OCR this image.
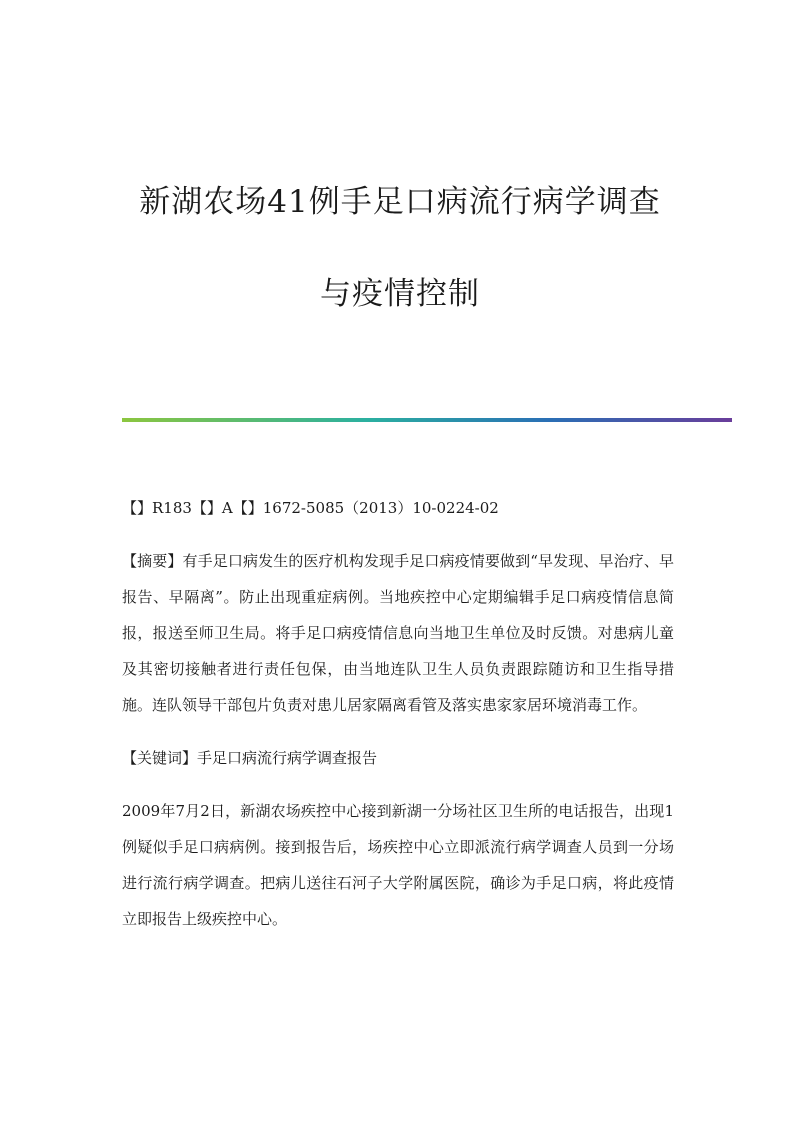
新湖农场41例手足口病流行病学调查
与疫情控制

【】R183【】A【】1672-5085（2013）10-0224-02

【摘要】有手足口病发生的医疗机构发现手足口病疫情要做到“早发现、早治疗、早报告、早隔离”。防止出现重症病例。当地疾控中心定期编辑手足口病疫情信息简报，报送至师卫生局。将手足口病疫情信息向当地卫生单位及时反馈。对患病儿童及其密切接触者进行责任包保，由当地连队卫生人员负责跟踪随访和卫生指导措施。连队领导干部包片负责对患儿居家隔离看管及落实患家家居环境消毒工作。

【关键词】手足口病流行病学调查报告

2009年7月2日，新湖农场疾控中心接到新湖一分场社区卫生所的电话报告，出现1例疑似手足口病病例。接到报告后，场疾控中心立即派流行病学调查人员到一分场进行流行病学调查。把病儿送往石河子大学附属医院，确诊为手足口病，将此疫情立即报告上级疾控中心。
